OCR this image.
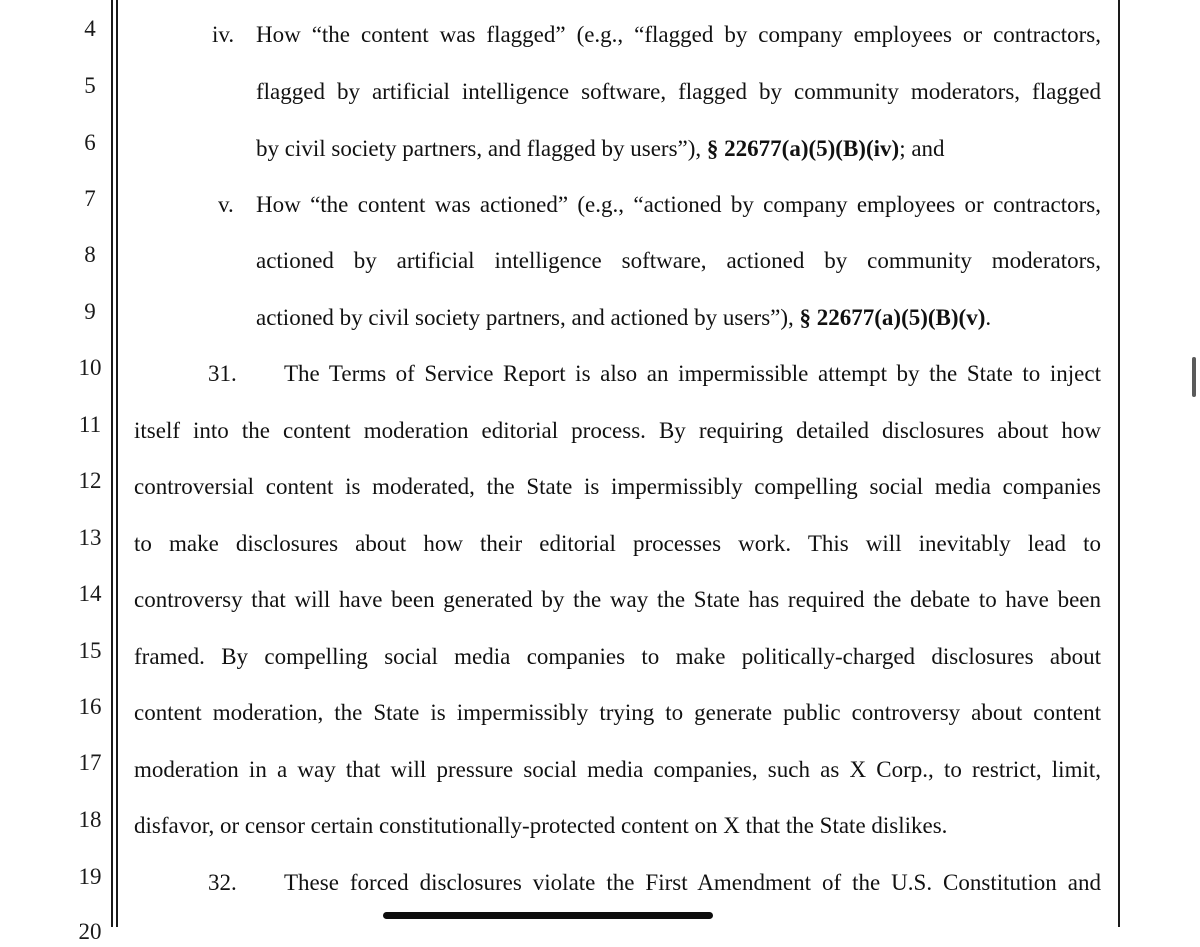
4
5
6
7
8
9
10
11
12
13
14
15
16
17
18
19
20
iv. How “the content was flagged” (e.g., “flagged by company employees or contractors,
flagged by artificial intelligence software, flagged by community moderators, flagged
by civil society partners, and flagged by users”), § 22677(a)(5)(B)(iv); and
v. How “the content was actioned” (e.g., “actioned by company employees or contractors,
actioned by artificial intelligence software, actioned by community moderators,
actioned by civil society partners, and actioned by users”), § 22677(a)(5)(B)(v).
31. The Terms of Service Report is also an impermissible attempt by the State to inject
itself into the content moderation editorial process. By requiring detailed disclosures about how
controversial content is moderated, the State is impermissibly compelling social media companies
to make disclosures about how their editorial processes work. This will inevitably lead to
controversy that will have been generated by the way the State has required the debate to have been
framed. By compelling social media companies to make politically-charged disclosures about
content moderation, the State is impermissibly trying to generate public controversy about content
moderation in a way that will pressure social media companies, such as X Corp., to restrict, limit,
disfavor, or censor certain constitutionally-protected content on X that the State dislikes.
32. These forced disclosures violate the First Amendment of the U.S. Constitution and
